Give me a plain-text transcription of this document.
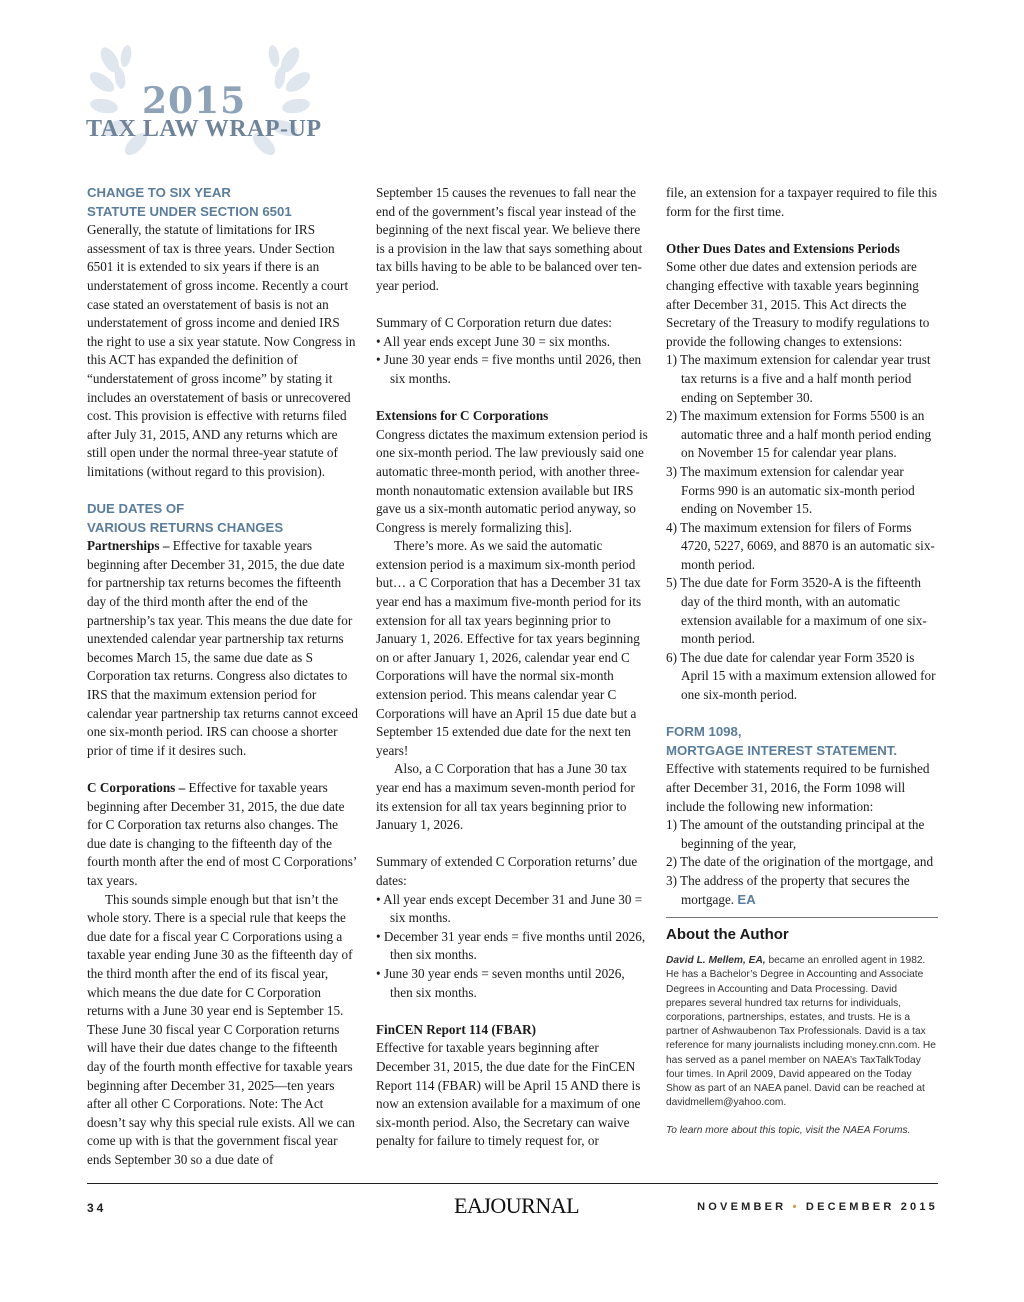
2015
TAX LAW WRAP-UP
CHANGE TO SIX YEAR
STATUTE UNDER SECTION 6501

Generally, the statute of limitations for IRS assessment of tax is three years. Under Section 6501 it is extended to six years if there is an understatement of gross income. Recently a court case stated an overstatement of basis is not an understatement of gross income and denied IRS the right to use a six year statute. Now Congress in this ACT has expanded the definition of “understatement of gross income” by stating it includes an overstatement of basis or unrecovered cost. This provision is effective with returns filed after July 31, 2015, AND any returns which are still open under the normal three-year statute of limitations (without regard to this provision).

DUE DATES OF
VARIOUS RETURNS CHANGES

Partnerships – Effective for taxable years beginning after December 31, 2015, the due date for partnership tax returns becomes the fifteenth day of the third month after the end of the partnership’s tax year. This means the due date for unextended calendar year partnership tax returns becomes March 15, the same due date as S Corporation tax returns. Congress also dictates to IRS that the maximum extension period for calendar year partnership tax returns cannot exceed one six-month period. IRS can choose a shorter prior of time if it desires such.

C Corporations – Effective for taxable years beginning after December 31, 2015, the due date for C Corporation tax returns also changes. The due date is changing to the fifteenth day of the fourth month after the end of most C Corporations’ tax years.

This sounds simple enough but that isn’t the whole story. There is a special rule that keeps the due date for a fiscal year C Corporations using a taxable year ending June 30 as the fifteenth day of the third month after the end of its fiscal year, which means the due date for C Corporation returns with a June 30 year end is September 15. These June 30 fiscal year C Corporation returns will have their due dates change to the fifteenth day of the fourth month effective for taxable years beginning after December 31, 2025—ten years after all other C Corporations. Note: The Act doesn’t say why this special rule exists. All we can come up with is that the government fiscal year ends September 30 so a due date of

September 15 causes the revenues to fall near the end of the government’s fiscal year instead of the beginning of the next fiscal year. We believe there is a provision in the law that says something about tax bills having to be able to be balanced over ten-year period.

Summary of C Corporation return due dates:

• All year ends except June 30 = six months.
• June 30 year ends = five months until 2026, then six months.
Extensions for C Corporations

Congress dictates the maximum extension period is one six-month period. The law previously said one automatic three-month period, with another three-month nonautomatic extension available but IRS gave us a six-month automatic period anyway, so Congress is merely formalizing this].

There’s more. As we said the automatic extension period is a maximum six-month period but… a C Corporation that has a December 31 tax year end has a maximum five-month period for its extension for all tax years beginning prior to January 1, 2026. Effective for tax years beginning on or after January 1, 2026, calendar year end C Corporations will have the normal six-month extension period. This means calendar year C Corporations will have an April 15 due date but a September 15 extended due date for the next ten years!

Also, a C Corporation that has a June 30 tax year end has a maximum seven-month period for its extension for all tax years beginning prior to January 1, 2026.

Summary of extended C Corporation returns’ due dates:

• All year ends except December 31 and June 30 = six months.
• December 31 year ends = five months until 2026, then six months.
• June 30 year ends = seven months until 2026, then six months.
FinCEN Report 114 (FBAR)

Effective for taxable years beginning after December 31, 2015, the due date for the FinCEN Report 114 (FBAR) will be April 15 AND there is now an extension available for a maximum of one six-month period. Also, the Secretary can waive penalty for failure to timely request for, or

file, an extension for a taxpayer required to file this form for the first time.

Other Dues Dates and Extensions Periods

Some other due dates and extension periods are changing effective with taxable years beginning after December 31, 2015. This Act directs the Secretary of the Treasury to modify regulations to provide the following changes to extensions:

1) The maximum extension for calendar year trust tax returns is a five and a half month period ending on September 30.
2) The maximum extension for Forms 5500 is an automatic three and a half month period ending on November 15 for calendar year plans.
3) The maximum extension for calendar year Forms 990 is an automatic six-month period ending on November 15.
4) The maximum extension for filers of Forms 4720, 5227, 6069, and 8870 is an automatic six-month period.
5) The due date for Form 3520-A is the fifteenth day of the third month, with an automatic extension available for a maximum of one six-month period.
6) The due date for calendar year Form 3520 is April 15 with a maximum extension allowed for one six-month period.
FORM 1098,
MORTGAGE INTEREST STATEMENT.

Effective with statements required to be furnished after December 31, 2016, the Form 1098 will include the following new information:

1) The amount of the outstanding principal at the beginning of the year,
2) The date of the origination of the mortgage, and
3) The address of the property that secures the mortgage. EA
About the Author

David L. Mellem, EA, became an enrolled agent in 1982. He has a Bachelor’s Degree in Accounting and Associate Degrees in Accounting and Data Processing. David prepares several hundred tax returns for individuals, corporations, partnerships, estates, and trusts. He is a partner of Ashwaubenon Tax Professionals. David is a tax reference for many journalists including money.cnn.com. He has served as a panel member on NAEA’s TaxTalkToday four times. In April 2009, David appeared on the Today Show as part of an NAEA panel. David can be reached at davidmellem@yahoo.com.

To learn more about this topic, visit the NAEA Forums.

34	EAJOURNAL	NOVEMBER • DECEMBER 2015
